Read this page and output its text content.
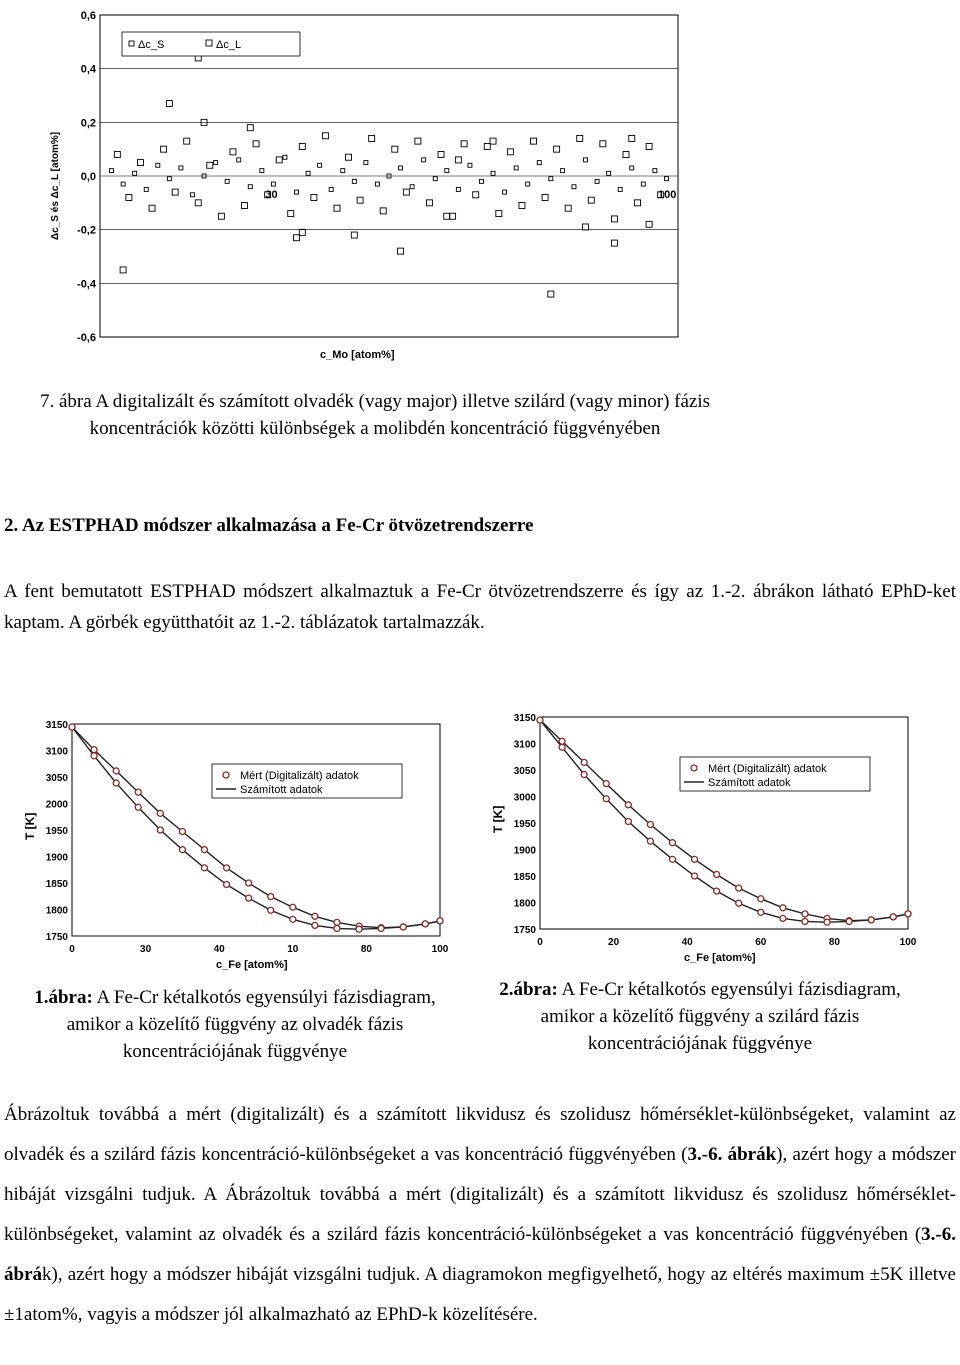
0,6
0,4
0,2
0,0
-0,2
-0,4
-0,6
30	100
Δc_S	Δc_L
Δc_S és Δc_L [atom%]
c_Mo [atom%]
7. ábra A digitalizált és számított olvadék (vagy major) illetve szilárd (vagy minor) fázis koncentrációk közötti különbségek a molibdén koncentráció függvényében
2. Az ESTPHAD módszer alkalmazása a Fe-Cr ötvözetrendszerre
A fent bemutatott ESTPHAD módszert alkalmaztuk a Fe-Cr ötvözetrendszerre és így az 1.-2. ábrákon látható EPhD-ket kaptam. A görbék együtthatóit az 1.-2. táblázatok tartalmazzák.
3150
3100
3050
2000
1950
1900
1850
1800
1750
0	30	40	10	80	100
T [K]
c_Fe [atom%]
Mért (Digitalizált) adatok
Számított adatok
1.ábra: A Fe-Cr kétalkotós egyensúlyi fázisdiagram, amikor a közelítő függvény az olvadék fázis koncentrációjának függvénye
3150
3100
3050
3000
1950
1900
1850
1800
1750
0	20	40	60	80	100
T [K]
c_Fe [atom%]
Mért (Digitalizált) adatok
Számított adatok
2.ábra: A Fe-Cr kétalkotós egyensúlyi fázisdiagram, amikor a közelítő függvény a szilárd fázis koncentrációjának függvénye
Ábrázoltuk továbbá a mért (digitalizált) és a számított likvidusz és szolidusz hőmérséklet-különbségeket, valamint az olvadék és a szilárd fázis koncentráció-különbségeket a vas koncentráció függvényében (3.-6. ábrák), azért hogy a módszer hibáját vizsgálni tudjuk. A Ábrázoltuk továbbá a mért (digitalizált) és a számított likvidusz és szolidusz hőmérséklet-különbségeket, valamint az olvadék és a szilárd fázis koncentráció-különbségeket a vas koncentráció függvényében (3.-6. ábrák), azért hogy a módszer hibáját vizsgálni tudjuk. A diagramokon megfigyelhető, hogy az eltérés maximum ±5K illetve ±1atom%, vagyis a módszer jól alkalmazható az EPhD-k közelítésére.
